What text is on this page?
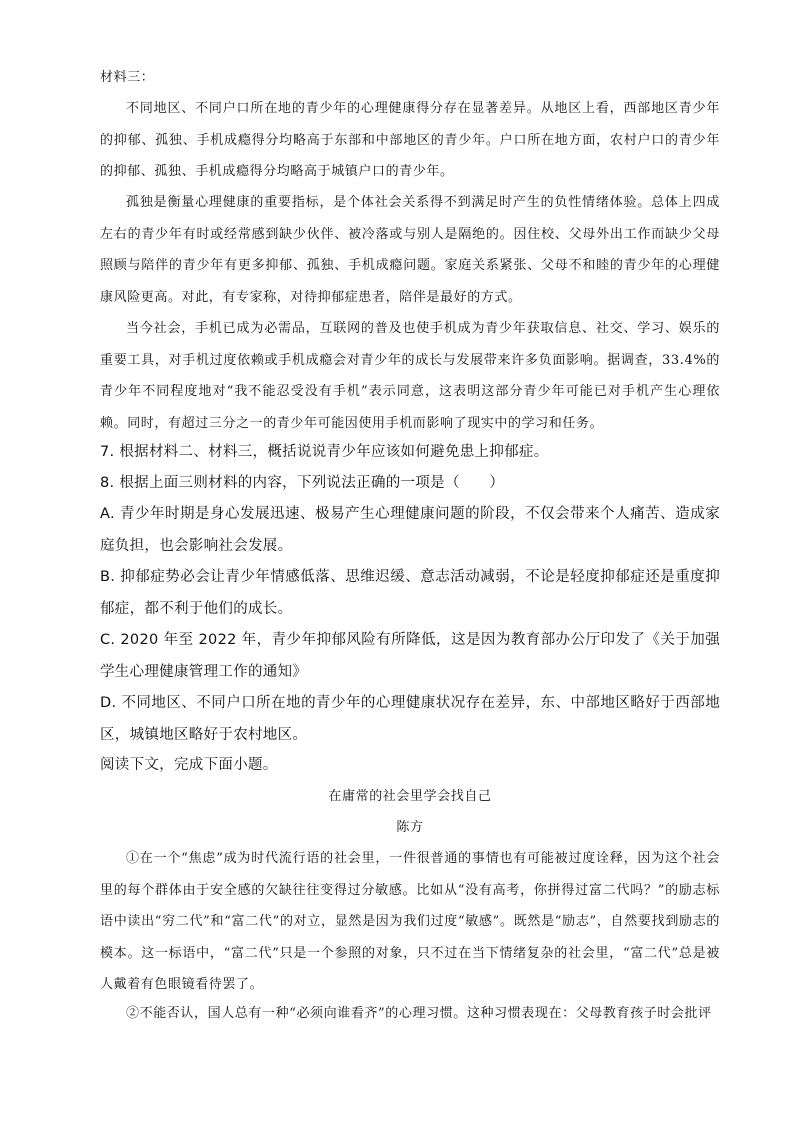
材料三：

不同地区、不同户口所在地的青少年的心理健康得分存在显著差异。从地区上看，西部地区青少年的抑郁、孤独、手机成瘾得分均略高于东部和中部地区的青少年。户口所在地方面，农村户口的青少年的抑郁、孤独、手机成瘾得分均略高于城镇户口的青少年。

孤独是衡量心理健康的重要指标，是个体社会关系得不到满足时产生的负性情绪体验。总体上四成左右的青少年有时或经常感到缺少伙伴、被冷落或与别人是隔绝的。因住校、父母外出工作而缺少父母照顾与陪伴的青少年有更多抑郁、孤独、手机成瘾问题。家庭关系紧张、父母不和睦的青少年的心理健康风险更高。对此，有专家称，对待抑郁症患者，陪伴是最好的方式。

当今社会，手机已成为必需品，互联网的普及也使手机成为青少年获取信息、社交、学习、娱乐的重要工具，对手机过度依赖或手机成瘾会对青少年的成长与发展带来许多负面影响。据调查，33.4%的青少年不同程度地对“我不能忍受没有手机”表示同意，这表明这部分青少年可能已对手机产生心理依赖。同时，有超过三分之一的青少年可能因使用手机而影响了现实中的学习和任务。

7. 根据材料二、材料三，概括说说青少年应该如何避免患上抑郁症。

8. 根据上面三则材料的内容，下列说法正确的一项是（　　）

A. 青少年时期是身心发展迅速、极易产生心理健康问题的阶段，不仅会带来个人痛苦、造成家庭负担，也会影响社会发展。

B. 抑郁症势必会让青少年情感低落、思维迟缓、意志活动减弱，不论是轻度抑郁症还是重度抑郁症，都不利于他们的成长。

C. 2020 年至 2022 年，青少年抑郁风险有所降低，这是因为教育部办公厅印发了《关于加强学生心理健康管理工作的通知》

D. 不同地区、不同户口所在地的青少年的心理健康状况存在差异，东、中部地区略好于西部地区，城镇地区略好于农村地区。

阅读下文，完成下面小题。

在庸常的社会里学会找自己

陈方

①在一个“焦虑”成为时代流行语的社会里，一件很普通的事情也有可能被过度诠释，因为这个社会里的每个群体由于安全感的欠缺往往变得过分敏感。比如从“没有高考，你拼得过富二代吗？”的励志标语中读出“穷二代”和“富二代”的对立，显然是因为我们过度“敏感”。既然是“励志”，自然要找到励志的模本。这一标语中，“富二代”只是一个参照的对象，只不过在当下情绪复杂的社会里，“富二代”总是被人戴着有色眼镜看待罢了。

②不能否认，国人总有一种“必须向谁看齐”的心理习惯。这种习惯表现在：父母教育孩子时会批评
